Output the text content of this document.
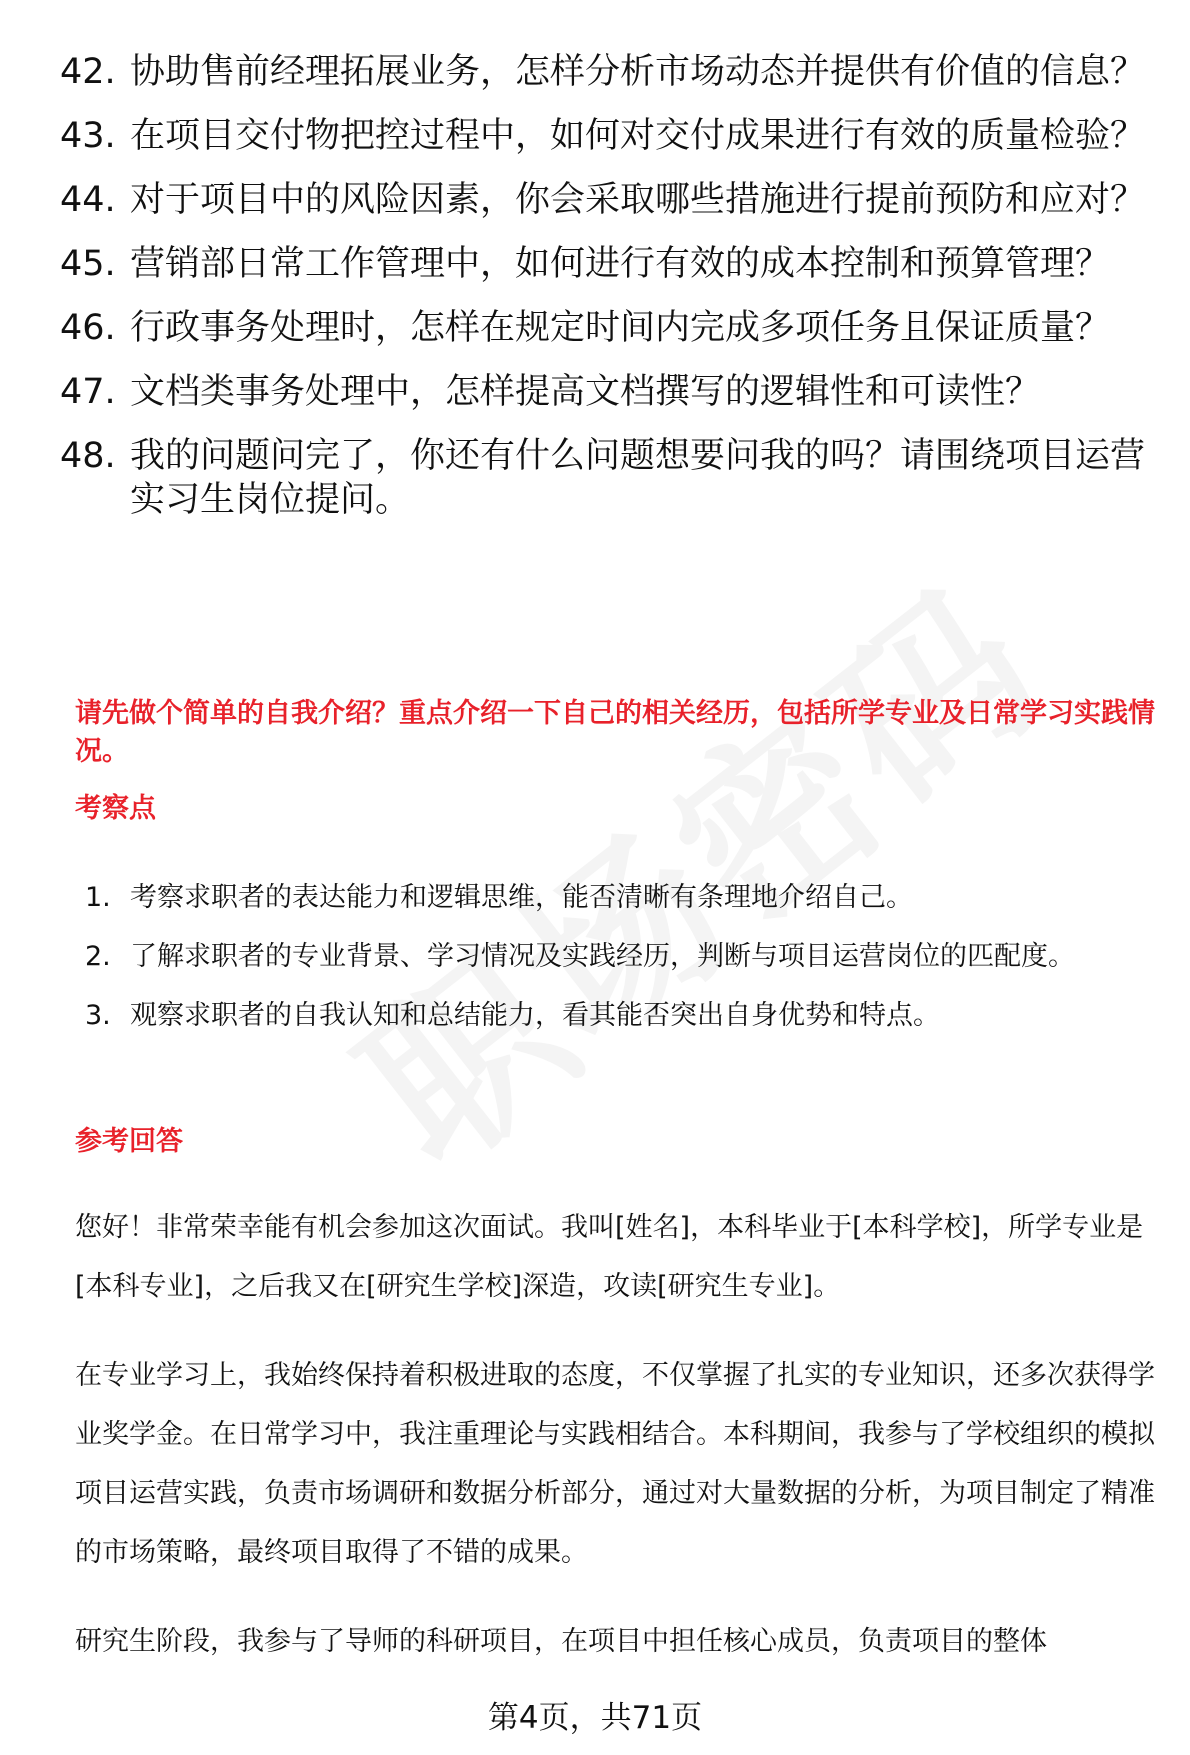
42. 协助售前经理拓展业务，怎样分析市场动态并提供有价值的信息？
43. 在项目交付物把控过程中，如何对交付成果进行有效的质量检验？
44. 对于项目中的风险因素，你会采取哪些措施进行提前预防和应对？
45. 营销部日常工作管理中，如何进行有效的成本控制和预算管理？
46. 行政事务处理时，怎样在规定时间内完成多项任务且保证质量？
47. 文档类事务处理中，怎样提高文档撰写的逻辑性和可读性？
48. 我的问题问完了，你还有什么问题想要问我的吗？请围绕项目运营实习生岗位提问。
请先做个简单的自我介绍？重点介绍一下自己的相关经历，包括所学专业及日常学习实践情况。
考察点
1. 考察求职者的表达能力和逻辑思维，能否清晰有条理地介绍自己。
2. 了解求职者的专业背景、学习情况及实践经历，判断与项目运营岗位的匹配度。
3. 观察求职者的自我认知和总结能力，看其能否突出自身优势和特点。
参考回答
您好！非常荣幸能有机会参加这次面试。我叫[姓名]，本科毕业于[本科学校]，所学专业是[本科专业]，之后我又在[研究生学校]深造，攻读[研究生专业]。
在专业学习上，我始终保持着积极进取的态度，不仅掌握了扎实的专业知识，还多次获得学业奖学金。在日常学习中，我注重理论与实践相结合。本科期间，我参与了学校组织的模拟项目运营实践，负责市场调研和数据分析部分，通过对大量数据的分析，为项目制定了精准的市场策略，最终项目取得了不错的成果。
研究生阶段，我参与了导师的科研项目，在项目中担任核心成员，负责项目的整体
第4页，共71页
